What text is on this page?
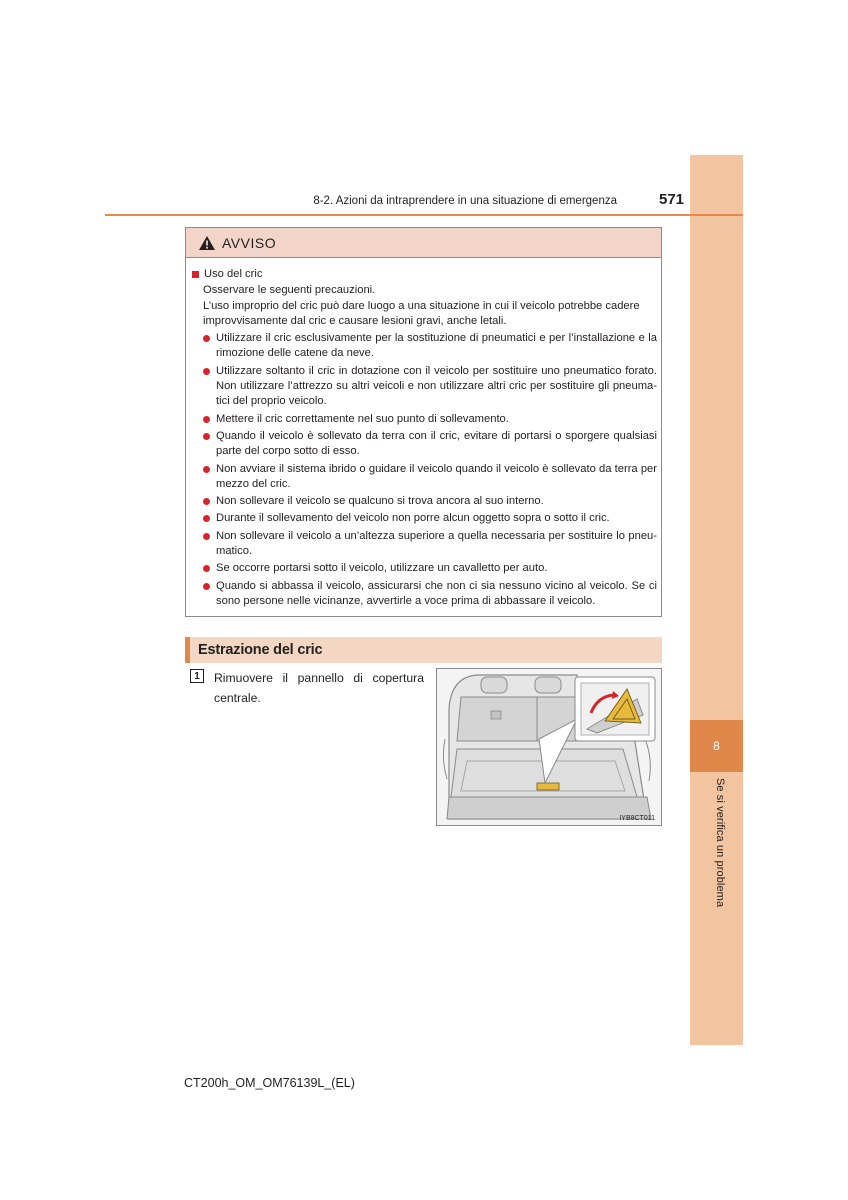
8
Se si verifica un problema
8-2. Azioni da intraprendere in una situazione di emergenza	571
AVVISO
Uso del cric
Osservare le seguenti precauzioni.
L’uso improprio del cric può dare luogo a una situazione in cui il veicolo potrebbe cadere improvvisamente dal cric e causare lesioni gravi, anche letali.
Utilizzare il cric esclusivamente per la sostituzione di pneumatici e per l’installazione e la rimozione delle catene da neve.
Utilizzare soltanto il cric in dotazione con il veicolo per sostituire uno pneumatico forato. Non utilizzare l’attrezzo su altri veicoli e non utilizzare altri cric per sostituire gli pneuma- tici del proprio veicolo.
Mettere il cric correttamente nel suo punto di sollevamento.
Quando il veicolo è sollevato da terra con il cric, evitare di portarsi o sporgere qualsiasi parte del corpo sotto di esso.
Non avviare il sistema ibrido o guidare il veicolo quando il veicolo è sollevato da terra per mezzo del cric.
Non sollevare il veicolo se qualcuno si trova ancora al suo interno.
Durante il sollevamento del veicolo non porre alcun oggetto sopra o sotto il cric.
Non sollevare il veicolo a un’altezza superiore a quella necessaria per sostituire lo pneu- matico.
Se occorre portarsi sotto il veicolo, utilizzare un cavalletto per auto.
Quando si abbassa il veicolo, assicurarsi che non ci sia nessuno vicino al veicolo. Se ci sono persone nelle vicinanze, avvertirle a voce prima di abbassare il veicolo.
Estrazione del cric
1 Rimuovere il pannello di copertura centrale.
IYB8CT011
CT200h_OM_OM76139L_(EL)
